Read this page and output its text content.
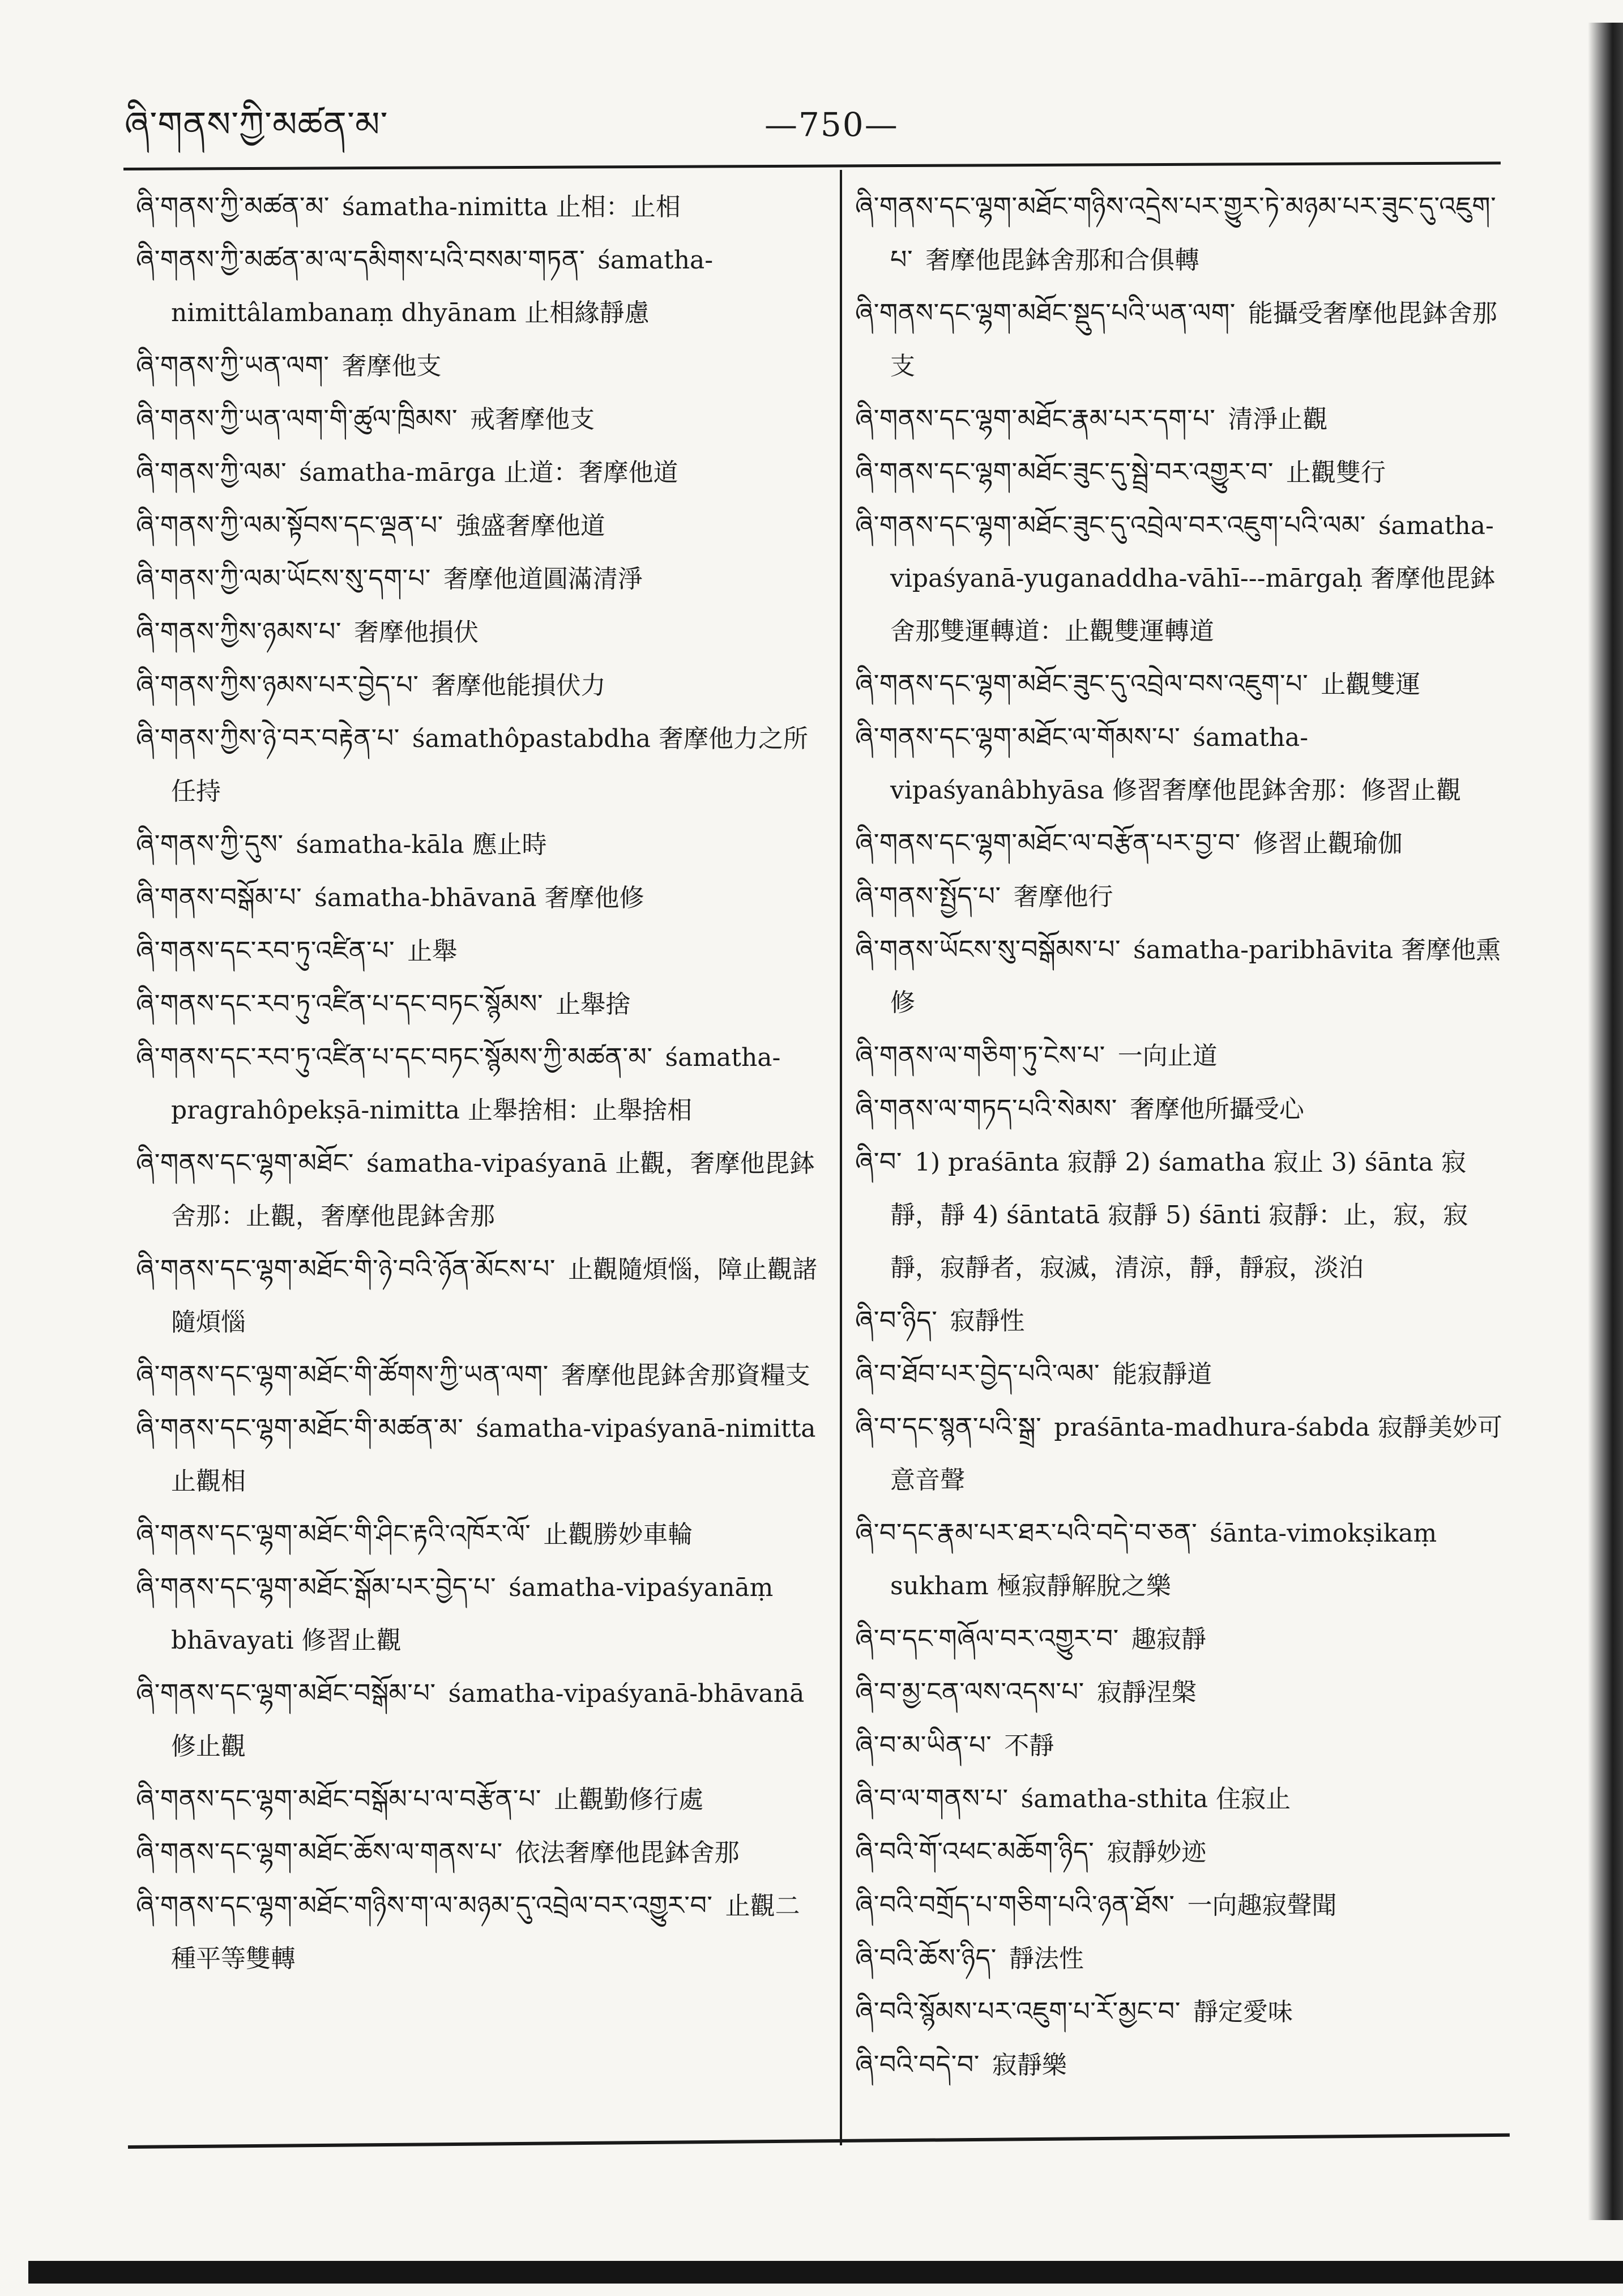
ཞི་གནས་ཀྱི་མཚན་མ་	—750—

ཞི་གནས་ཀྱི་མཚན་མ་ śamatha-nimitta 止相：止相

ཞི་གནས་ཀྱི་མཚན་མ་ལ་དམིགས་པའི་བསམ་གཏན་ śamatha-nimittâlambanaṃ dhyānam 止相緣靜慮

ཞི་གནས་ཀྱི་ཡན་ལག་ 奢摩他支

ཞི་གནས་ཀྱི་ཡན་ལག་གི་ཚུལ་ཁྲིམས་ 戒奢摩他支

ཞི་གནས་ཀྱི་ལམ་ śamatha-mārga 止道：奢摩他道

ཞི་གནས་ཀྱི་ལམ་སྟོབས་དང་ལྡན་པ་ 強盛奢摩他道

ཞི་གནས་ཀྱི་ལམ་ཡོངས་སུ་དག་པ་ 奢摩他道圓滿清淨

ཞི་གནས་ཀྱིས་ཉམས་པ་ 奢摩他損伏

ཞི་གནས་ཀྱིས་ཉམས་པར་བྱེད་པ་ 奢摩他能損伏力

ཞི་གནས་ཀྱིས་ཉེ་བར་བརྟེན་པ་ śamathôpastabdha 奢摩他力之所任持

ཞི་གནས་ཀྱི་དུས་ śamatha-kāla 應止時

ཞི་གནས་བསྒོམ་པ་ śamatha-bhāvanā 奢摩他修

ཞི་གནས་དང་རབ་ཏུ་འཛིན་པ་ 止舉

ཞི་གནས་དང་རབ་ཏུ་འཛིན་པ་དང་བཏང་སྙོམས་ 止舉捨

ཞི་གནས་དང་རབ་ཏུ་འཛིན་པ་དང་བཏང་སྙོམས་ཀྱི་མཚན་མ་ śamatha-pragrahôpekṣā-nimitta 止舉捨相：止舉捨相

ཞི་གནས་དང་ལྷག་མཐོང་ śamatha-vipaśyanā 止觀，奢摩他毘鉢舍那：止觀，奢摩他毘鉢舍那

ཞི་གནས་དང་ལྷག་མཐོང་གི་ཉེ་བའི་ཉོན་མོངས་པ་ 止觀隨煩惱，障止觀諸隨煩惱

ཞི་གནས་དང་ལྷག་མཐོང་གི་ཚོགས་ཀྱི་ཡན་ལག་ 奢摩他毘鉢舍那資糧支

ཞི་གནས་དང་ལྷག་མཐོང་གི་མཚན་མ་ śamatha-vipaśyanā-nimitta 止觀相

ཞི་གནས་དང་ལྷག་མཐོང་གི་ཤིང་རྟའི་འཁོར་ལོ་ 止觀勝妙車輪

ཞི་གནས་དང་ལྷག་མཐོང་སྒོམ་པར་བྱེད་པ་ śamatha-vipaśyanāṃ bhāvayati 修習止觀

ཞི་གནས་དང་ལྷག་མཐོང་བསྒོམ་པ་ śamatha-vipaśyanā-bhāvanā 修止觀

ཞི་གནས་དང་ལྷག་མཐོང་བསྒོམ་པ་ལ་བརྩོན་པ་ 止觀勤修行處

ཞི་གནས་དང་ལྷག་མཐོང་ཆོས་ལ་གནས་པ་ 依法奢摩他毘鉢舍那

ཞི་གནས་དང་ལྷག་མཐོང་གཉིས་ག་ལ་མཉམ་དུ་འབྲེལ་བར་འགྱུར་བ་ 止觀二種平等雙轉

ཞི་གནས་དང་ལྷག་མཐོང་གཉིས་འདྲེས་པར་གྱུར་ཏེ་མཉམ་པར་ཟུང་དུ་འཇུག་པ་ 奢摩他毘鉢舍那和合俱轉

ཞི་གནས་དང་ལྷག་མཐོང་སྡུད་པའི་ཡན་ལག་ 能攝受奢摩他毘鉢舍那支

ཞི་གནས་དང་ལྷག་མཐོང་རྣམ་པར་དག་པ་ 清淨止觀

ཞི་གནས་དང་ལྷག་མཐོང་ཟུང་དུ་སྦྲེ་བར་འགྱུར་བ་ 止觀雙行

ཞི་གནས་དང་ལྷག་མཐོང་ཟུང་དུ་འབྲེལ་བར་འཇུག་པའི་ལམ་ śamatha-vipaśyanā-yuganaddha-vāhī---mārgaḥ 奢摩他毘鉢舍那雙運轉道：止觀雙運轉道

ཞི་གནས་དང་ལྷག་མཐོང་ཟུང་དུ་འབྲེལ་བས་འཇུག་པ་ 止觀雙運

ཞི་གནས་དང་ལྷག་མཐོང་ལ་གོམས་པ་ śamatha-vipaśyanâbhyāsa 修習奢摩他毘鉢舍那：修習止觀

ཞི་གནས་དང་ལྷག་མཐོང་ལ་བརྩོན་པར་བྱ་བ་ 修習止觀瑜伽

ཞི་གནས་སྤྱོད་པ་ 奢摩他行

ཞི་གནས་ཡོངས་སུ་བསྒོམས་པ་ śamatha-paribhāvita 奢摩他熏修

ཞི་གནས་ལ་གཅིག་ཏུ་ངེས་པ་ 一向止道

ཞི་གནས་ལ་གཏད་པའི་སེམས་ 奢摩他所攝受心

ཞི་བ་ 1) praśānta 寂靜 2) śamatha 寂止 3) śānta 寂靜，靜 4) śāntatā 寂靜 5) śānti 寂靜：止，寂，寂靜，寂靜者，寂滅，清涼，靜，靜寂，淡泊

ཞི་བ་ཉིད་ 寂靜性

ཞི་བ་ཐོབ་པར་བྱེད་པའི་ལམ་ 能寂靜道

ཞི་བ་དང་སྙན་པའི་སྒྲ་ praśānta-madhura-śabda 寂靜美妙可意音聲

ཞི་བ་དང་རྣམ་པར་ཐར་པའི་བདེ་བ་ཅན་ śānta-vimokṣikaṃ sukham 極寂靜解脫之樂

ཞི་བ་དང་གཞོལ་བར་འགྱུར་བ་ 趣寂靜

ཞི་བ་མྱ་ངན་ལས་འདས་པ་ 寂靜涅槃

ཞི་བ་མ་ཡིན་པ་ 不靜

ཞི་བ་ལ་གནས་པ་ śamatha-sthita 住寂止

ཞི་བའི་གོ་འཕང་མཆོག་ཉིད་ 寂靜妙迹

ཞི་བའི་བགྲོད་པ་གཅིག་པའི་ཉན་ཐོས་ 一向趣寂聲聞

ཞི་བའི་ཆོས་ཉིད་ 靜法性

ཞི་བའི་སྙོམས་པར་འཇུག་པ་རོ་མྱང་བ་ 靜定愛味

ཞི་བའི་བདེ་བ་ 寂靜樂
